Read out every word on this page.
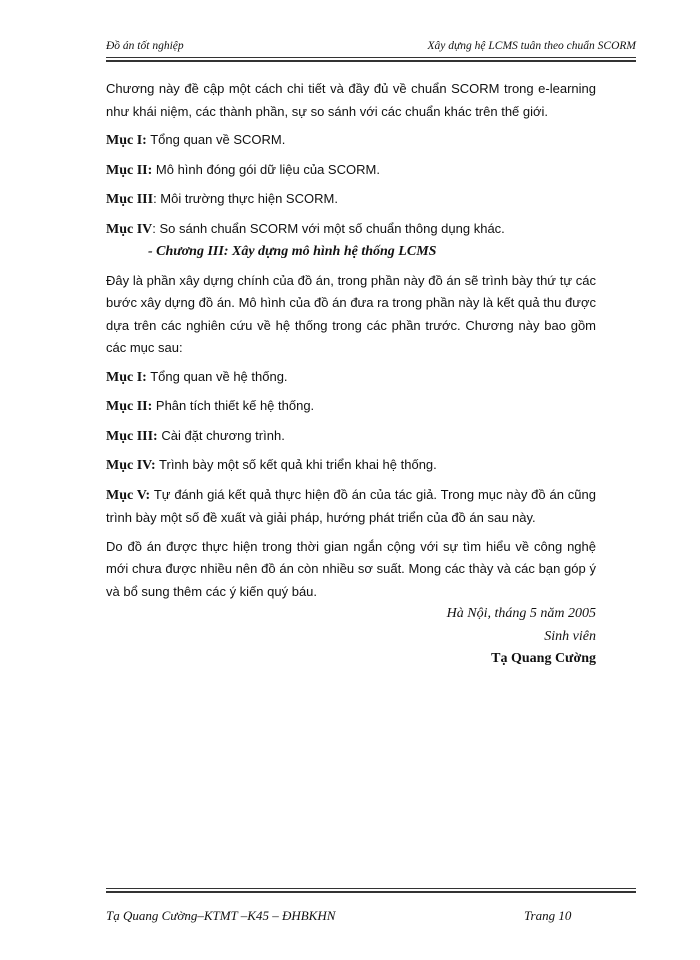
Đồ án tốt nghiệp	Xây dựng hệ LCMS tuân theo chuẩn SCORM

Chương này đề cập một cách chi tiết và đầy đủ về chuẩn SCORM trong e-learning như khái niệm, các thành phần, sự so sánh với các chuẩn khác trên thế giới.

Mục I: Tổng quan về SCORM.

Mục II: Mô hình đóng gói dữ liệu của SCORM.

Mục III: Môi trường thực hiện SCORM.

Mục IV: So sánh chuẩn SCORM với một số chuẩn thông dụng khác.

- Chương III: Xây dựng mô hình hệ thống LCMS

Đây là phần xây dựng chính của đồ án, trong phần này đồ án sẽ trình bày thứ tự các bước xây dựng đồ án. Mô hình của đồ án đưa ra trong phần này là kết quả thu được dựa trên các nghiên cứu về hệ thống trong các phần trước. Chương này bao gồm các mục sau:

Mục I: Tổng quan về hệ thống.

Mục II: Phân tích thiết kế hệ thống.

Mục III: Cài đặt chương trình.

Mục IV: Trình bày một số kết quả khi triển khai hệ thống.

Mục V: Tự đánh giá kết quả thực hiện đồ án của tác giả. Trong mục này đồ án cũng trình bày một số đề xuất và giải pháp, hướng phát triển của đồ án sau này.

Do đồ án được thực hiện trong thời gian ngắn cộng với sự tìm hiểu về công nghệ mới chưa được nhiều nên đồ án còn nhiều sơ suất. Mong các thày và các bạn góp ý và bổ sung thêm các ý kiến quý báu.

Hà Nội, tháng 5 năm 2005

Sinh viên

Tạ Quang Cường

Tạ Quang Cường–KTMT –K45 – ĐHBKHN	Trang 10
